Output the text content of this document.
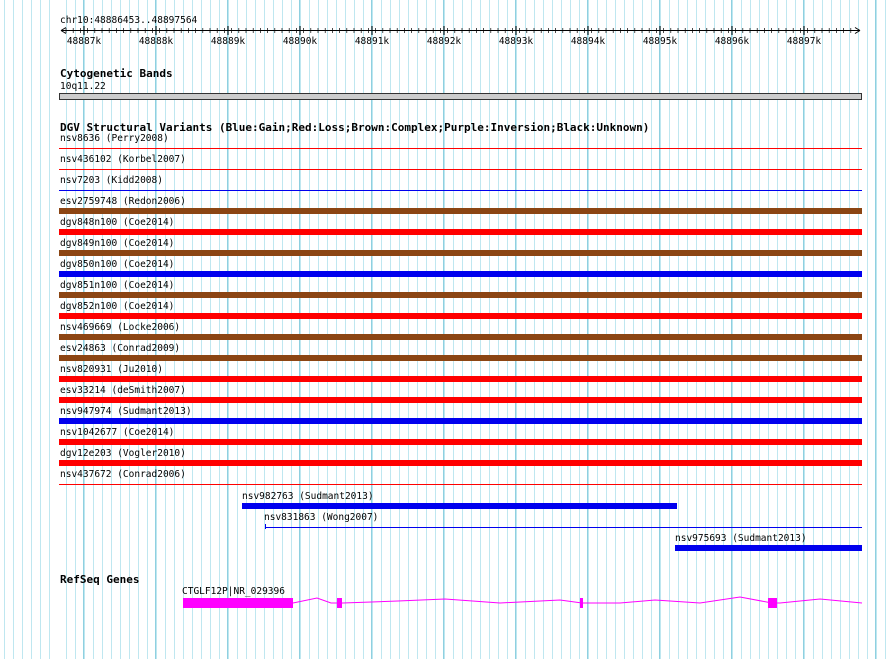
chr10:48886453..48897564
48887k	48888k	48889k	48890k	48891k	48892k	48893k	48894k	48895k	48896k	48897k
Cytogenetic Bands
10q11.22
DGV Structural Variants (Blue:Gain;Red:Loss;Brown:Complex;Purple:Inversion;Black:Unknown)
nsv8636 (Perry2008)
nsv436102 (Korbel2007)
nsv7203 (Kidd2008)
esv2759748 (Redon2006)
dgv848n100 (Coe2014)
dgv849n100 (Coe2014)
dgv850n100 (Coe2014)
dgv851n100 (Coe2014)
dgv852n100 (Coe2014)
nsv469669 (Locke2006)
esv24863 (Conrad2009)
nsv820931 (Ju2010)
esv33214 (deSmith2007)
nsv947974 (Sudmant2013)
nsv1042677 (Coe2014)
dgv12e203 (Vogler2010)
nsv437672 (Conrad2006)
nsv982763 (Sudmant2013)
nsv831863 (Wong2007)
nsv975693 (Sudmant2013)
RefSeq Genes
CTGLF12P|NR_029396
